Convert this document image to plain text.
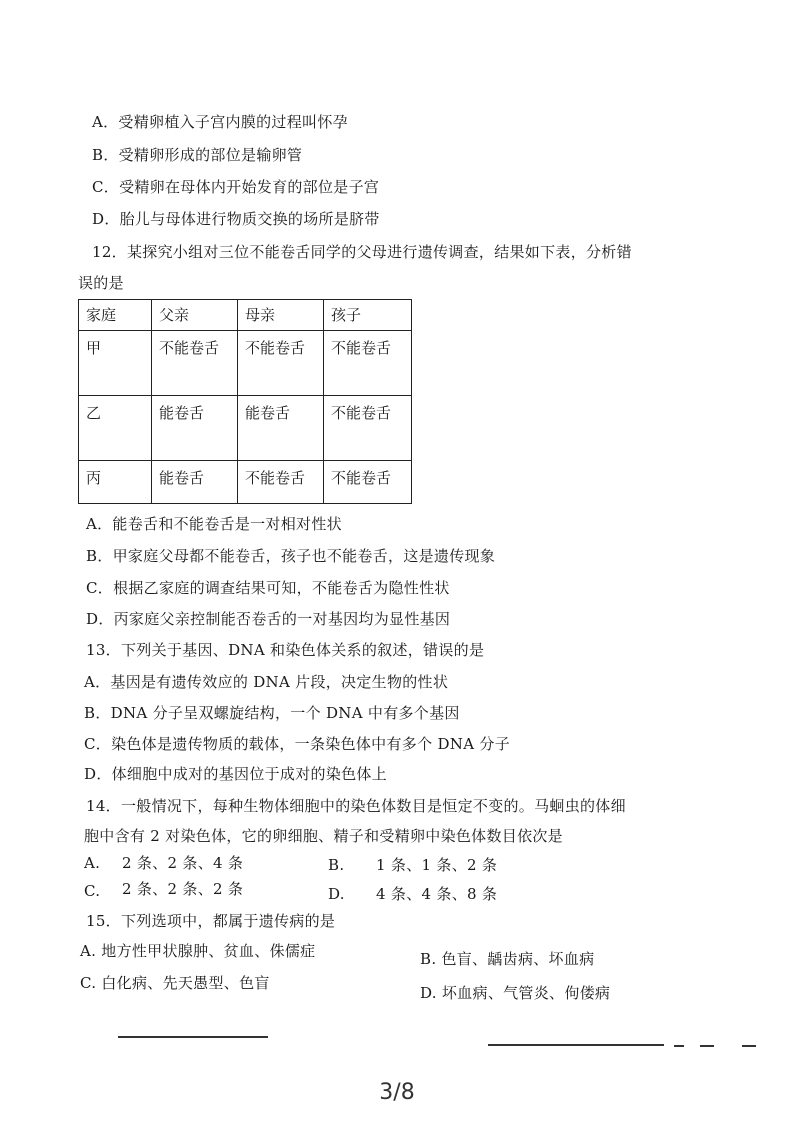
A．受精卵植入子宫内膜的过程叫怀孕
B．受精卵形成的部位是输卵管
C．受精卵在母体内开始发育的部位是子宫
D．胎儿与母体进行物质交换的场所是脐带
12．某探究小组对三位不能卷舌同学的父母进行遗传调查，结果如下表，分析错
误的是
家庭	父亲	母亲	孩子
甲	不能卷舌	不能卷舌	不能卷舌
乙	能卷舌	能卷舌	不能卷舌
丙	能卷舌	不能卷舌	不能卷舌
A．能卷舌和不能卷舌是一对相对性状
B．甲家庭父母都不能卷舌，孩子也不能卷舌，这是遗传现象
C．根据乙家庭的调查结果可知，不能卷舌为隐性性状
D．丙家庭父亲控制能否卷舌的一对基因均为显性基因
13．下列关于基因、DNA 和染色体关系的叙述，错误的是
A．基因是有遗传效应的 DNA 片段，决定生物的性状
B．DNA 分子呈双螺旋结构，一个 DNA 中有多个基因
C．染色体是遗传物质的载体，一条染色体中有多个 DNA 分子
D．体细胞中成对的基因位于成对的染色体上
14．一般情况下，每种生物体细胞中的染色体数目是恒定不变的。马蛔虫的体细
胞中含有 2 对染色体，它的卵细胞、精子和受精卵中染色体数目依次是
A. 2 条、2 条、4 条	B. 1 条、1 条、2 条
C. 2 条、2 条、2 条	D. 4 条、4 条、8 条
15．下列选项中，都属于遗传病的是
A. 地方性甲状腺肿、贫血、侏儒症	B. 色盲、龋齿病、坏血病
C. 白化病、先天愚型、色盲
D. 坏血病、气管炎、佝偻病
3/8
